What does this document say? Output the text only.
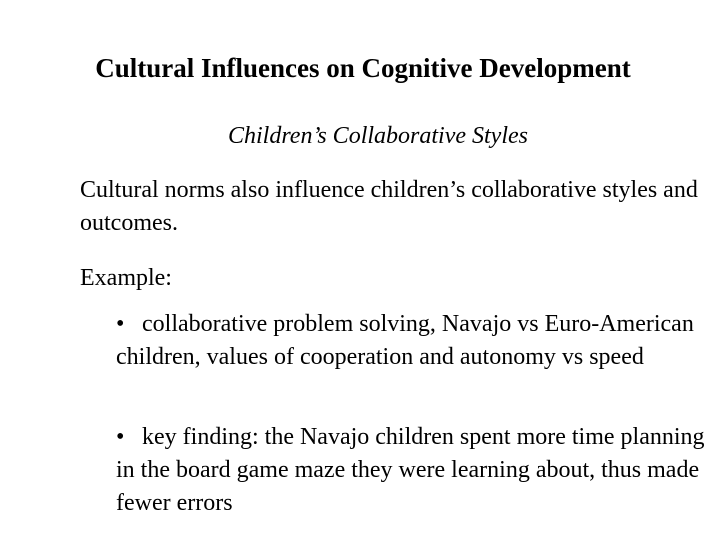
Cultural Influences on Cognitive Development
Children’s Collaborative Styles
Cultural norms also influence children’s collaborative styles and outcomes.
Example:
• collaborative problem solving, Navajo vs Euro-American children, values of cooperation and autonomy vs speed
• key finding: the Navajo children spent more time planning in the board game maze they were learning about, thus made fewer errors
